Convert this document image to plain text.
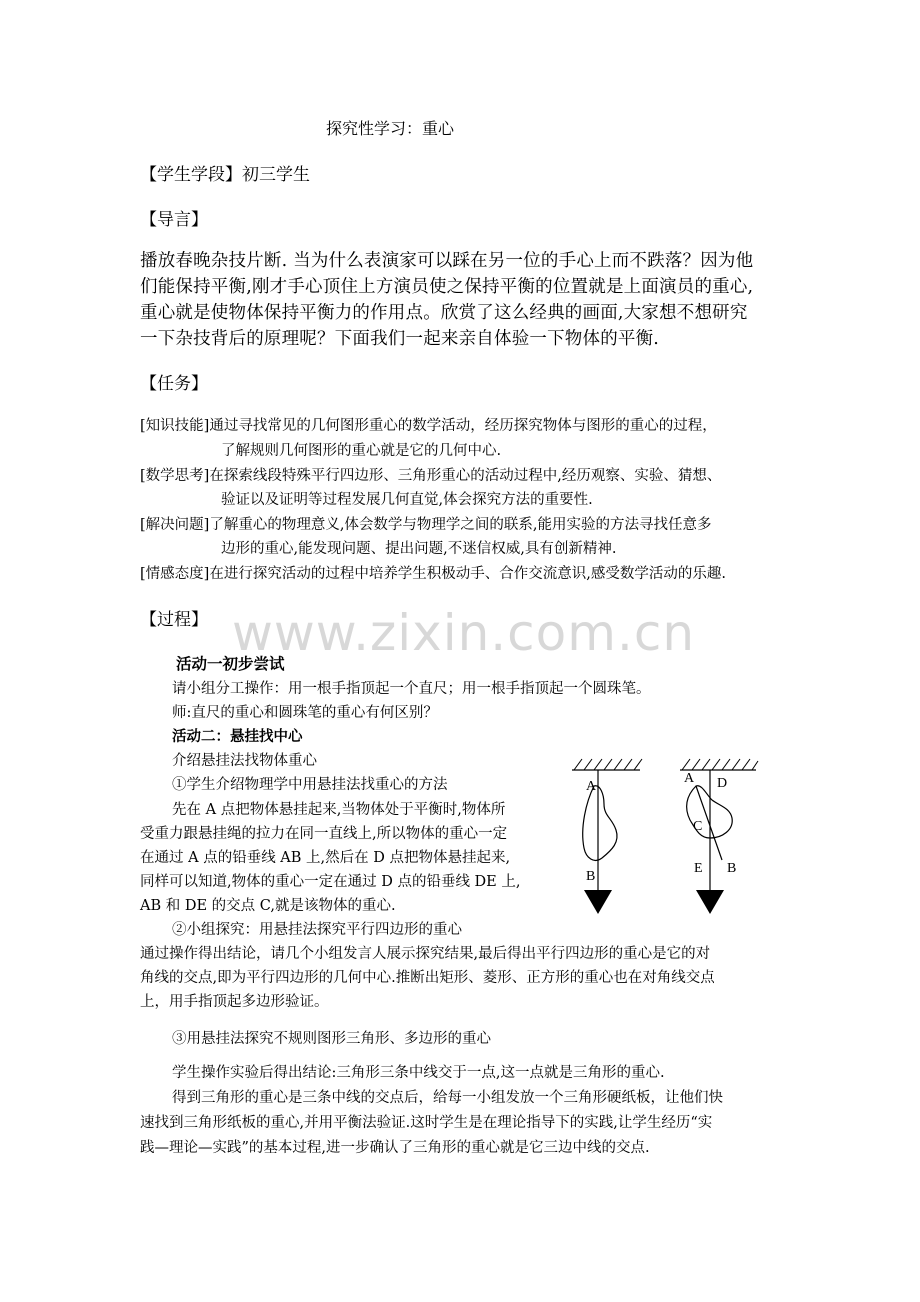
探究性学习：重心
【学生学段】初三学生
【导言】
播放春晚杂技片断. 当为什么表演家可以踩在另一位的手心上而不跌落？因为他
们能保持平衡,刚才手心顶住上方演员使之保持平衡的位置就是上面演员的重心,
重心就是使物体保持平衡力的作用点。欣赏了这么经典的画面,大家想不想研究
一下杂技背后的原理呢？下面我们一起来亲自体验一下物体的平衡.
【任务】
[知识技能]通过寻找常见的几何图形重心的数学活动，经历探究物体与图形的重心的过程，
了解规则几何图形的重心就是它的几何中心.
[数学思考]在探索线段特殊平行四边形、三角形重心的活动过程中,经历观察、实验、猜想、
验证以及证明等过程发展几何直觉,体会探究方法的重要性.
[解决问题]了解重心的物理意义,体会数学与物理学之间的联系,能用实验的方法寻找任意多
边形的重心,能发现问题、提出问题,不迷信权威,具有创新精神.
[情感态度]在进行探究活动的过程中培养学生积极动手、合作交流意识,感受数学活动的乐趣.
【过程】 www.zixin.com.cn
活动一初步尝试
请小组分工操作：用一根手指顶起一个直尺；用一根手指顶起一个圆珠笔。
师:直尺的重心和圆珠笔的重心有何区别？
活动二：悬挂找中心
介绍悬挂法找物体重心
①学生介绍物理学中用悬挂法找重心的方法
先在 A 点把物体悬挂起来,当物体处于平衡时,物体所
受重力跟悬挂绳的拉力在同一直线上,所以物体的重心一定
在通过 A 点的铅垂线 AB 上,然后在 D 点把物体悬挂起来,
同样可以知道,物体的重心一定在通过 D 点的铅垂线 DE 上,
AB 和 DE 的交点 C,就是该物体的重心.
②小组探究：用悬挂法探究平行四边形的重心
通过操作得出结论，请几个小组发言人展示探究结果,最后得出平行四边形的重心是它的对
角线的交点,即为平行四边形的几何中心.推断出矩形、菱形、正方形的重心也在对角线交点
上，用手指顶起多边形验证。
③用悬挂法探究不规则图形三角形、多边形的重心
学生操作实验后得出结论:三角形三条中线交于一点,这一点就是三角形的重心.
得到三角形的重心是三条中线的交点后，给每一小组发放一个三角形硬纸板，让他们快
速找到三角形纸板的重心,并用平衡法验证.这时学生是在理论指导下的实践,让学生经历“实
践—理论—实践”的基本过程,进一步确认了三角形的重心就是它三边中线的交点.
A
B
A D
C
E B
